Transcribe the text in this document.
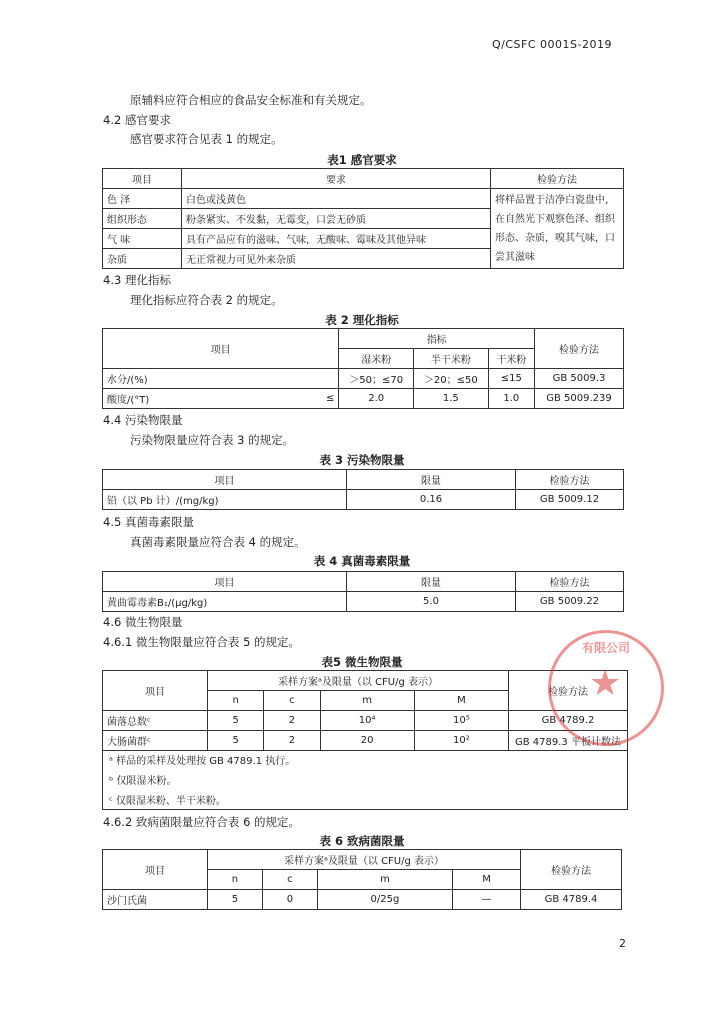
Q/CSFC 0001S-2019
原辅料应符合相应的食品安全标准和有关规定。
4.2 感官要求
感官要求符合见表 1 的规定。
表1 感官要求
项目	要求	检验方法
色 泽	白色或浅黄色	将样品置于洁净白瓷盘中，在自然光下观察色泽、组织形态、杂质，嗅其气味，口尝其滋味
组织形态	粉条紧实、不发黏，无霉变，口尝无砂质	
气 味	具有产品应有的滋味、气味，无酸味、霉味及其他异味	
杂质	无正常视力可见外来杂质	
4.3 理化指标
理化指标应符合表 2 的规定。
表 2 理化指标
项目		指标			检验方法
		湿米粉	半干米粉	干米粉	
水分/(%)		＞50；≤70	＞20；≤50	≤15	GB 5009.3
酸度/(°T)	≤	2.0	1.5	1.0	GB 5009.239
4.4 污染物限量
污染物限量应符合表 3 的规定。
表 3 污染物限量
项目	限量	检验方法
铅（以 Pb 计）/(mg/kg)	0.16	GB 5009.12
4.5 真菌毒素限量
真菌毒素限量应符合表 4 的规定。
表 4 真菌毒素限量
项目	限量	检验方法
黄曲霉毒素B₁/(μg/kg)	5.0	GB 5009.22
4.6 微生物限量
4.6.1 微生物限量应符合表 5 的规定。
表5 微生物限量
项目	采样方案ᵃ及限量（以 CFU/g 表示）				检验方法
	n	c	m	M	
菌落总数ᶜ	5	2	10⁴	10⁵	GB 4789.2
大肠菌群ᶜ	5	2	20	10²	GB 4789.3 平板计数法
ᵃ 样品的采样及处理按 GB 4789.1 执行。
ᵇ 仅限湿米粉。
ᶜ 仅限湿米粉、半干米粉。
4.6.2 致病菌限量应符合表 6 的规定。
表 6 致病菌限量
项目	采样方案ᵃ及限量（以 CFU/g 表示）				检验方法
	n	c	m	M	
沙门氏菌	5	0	0/25g	—	GB 4789.4
有限公司
★
2
